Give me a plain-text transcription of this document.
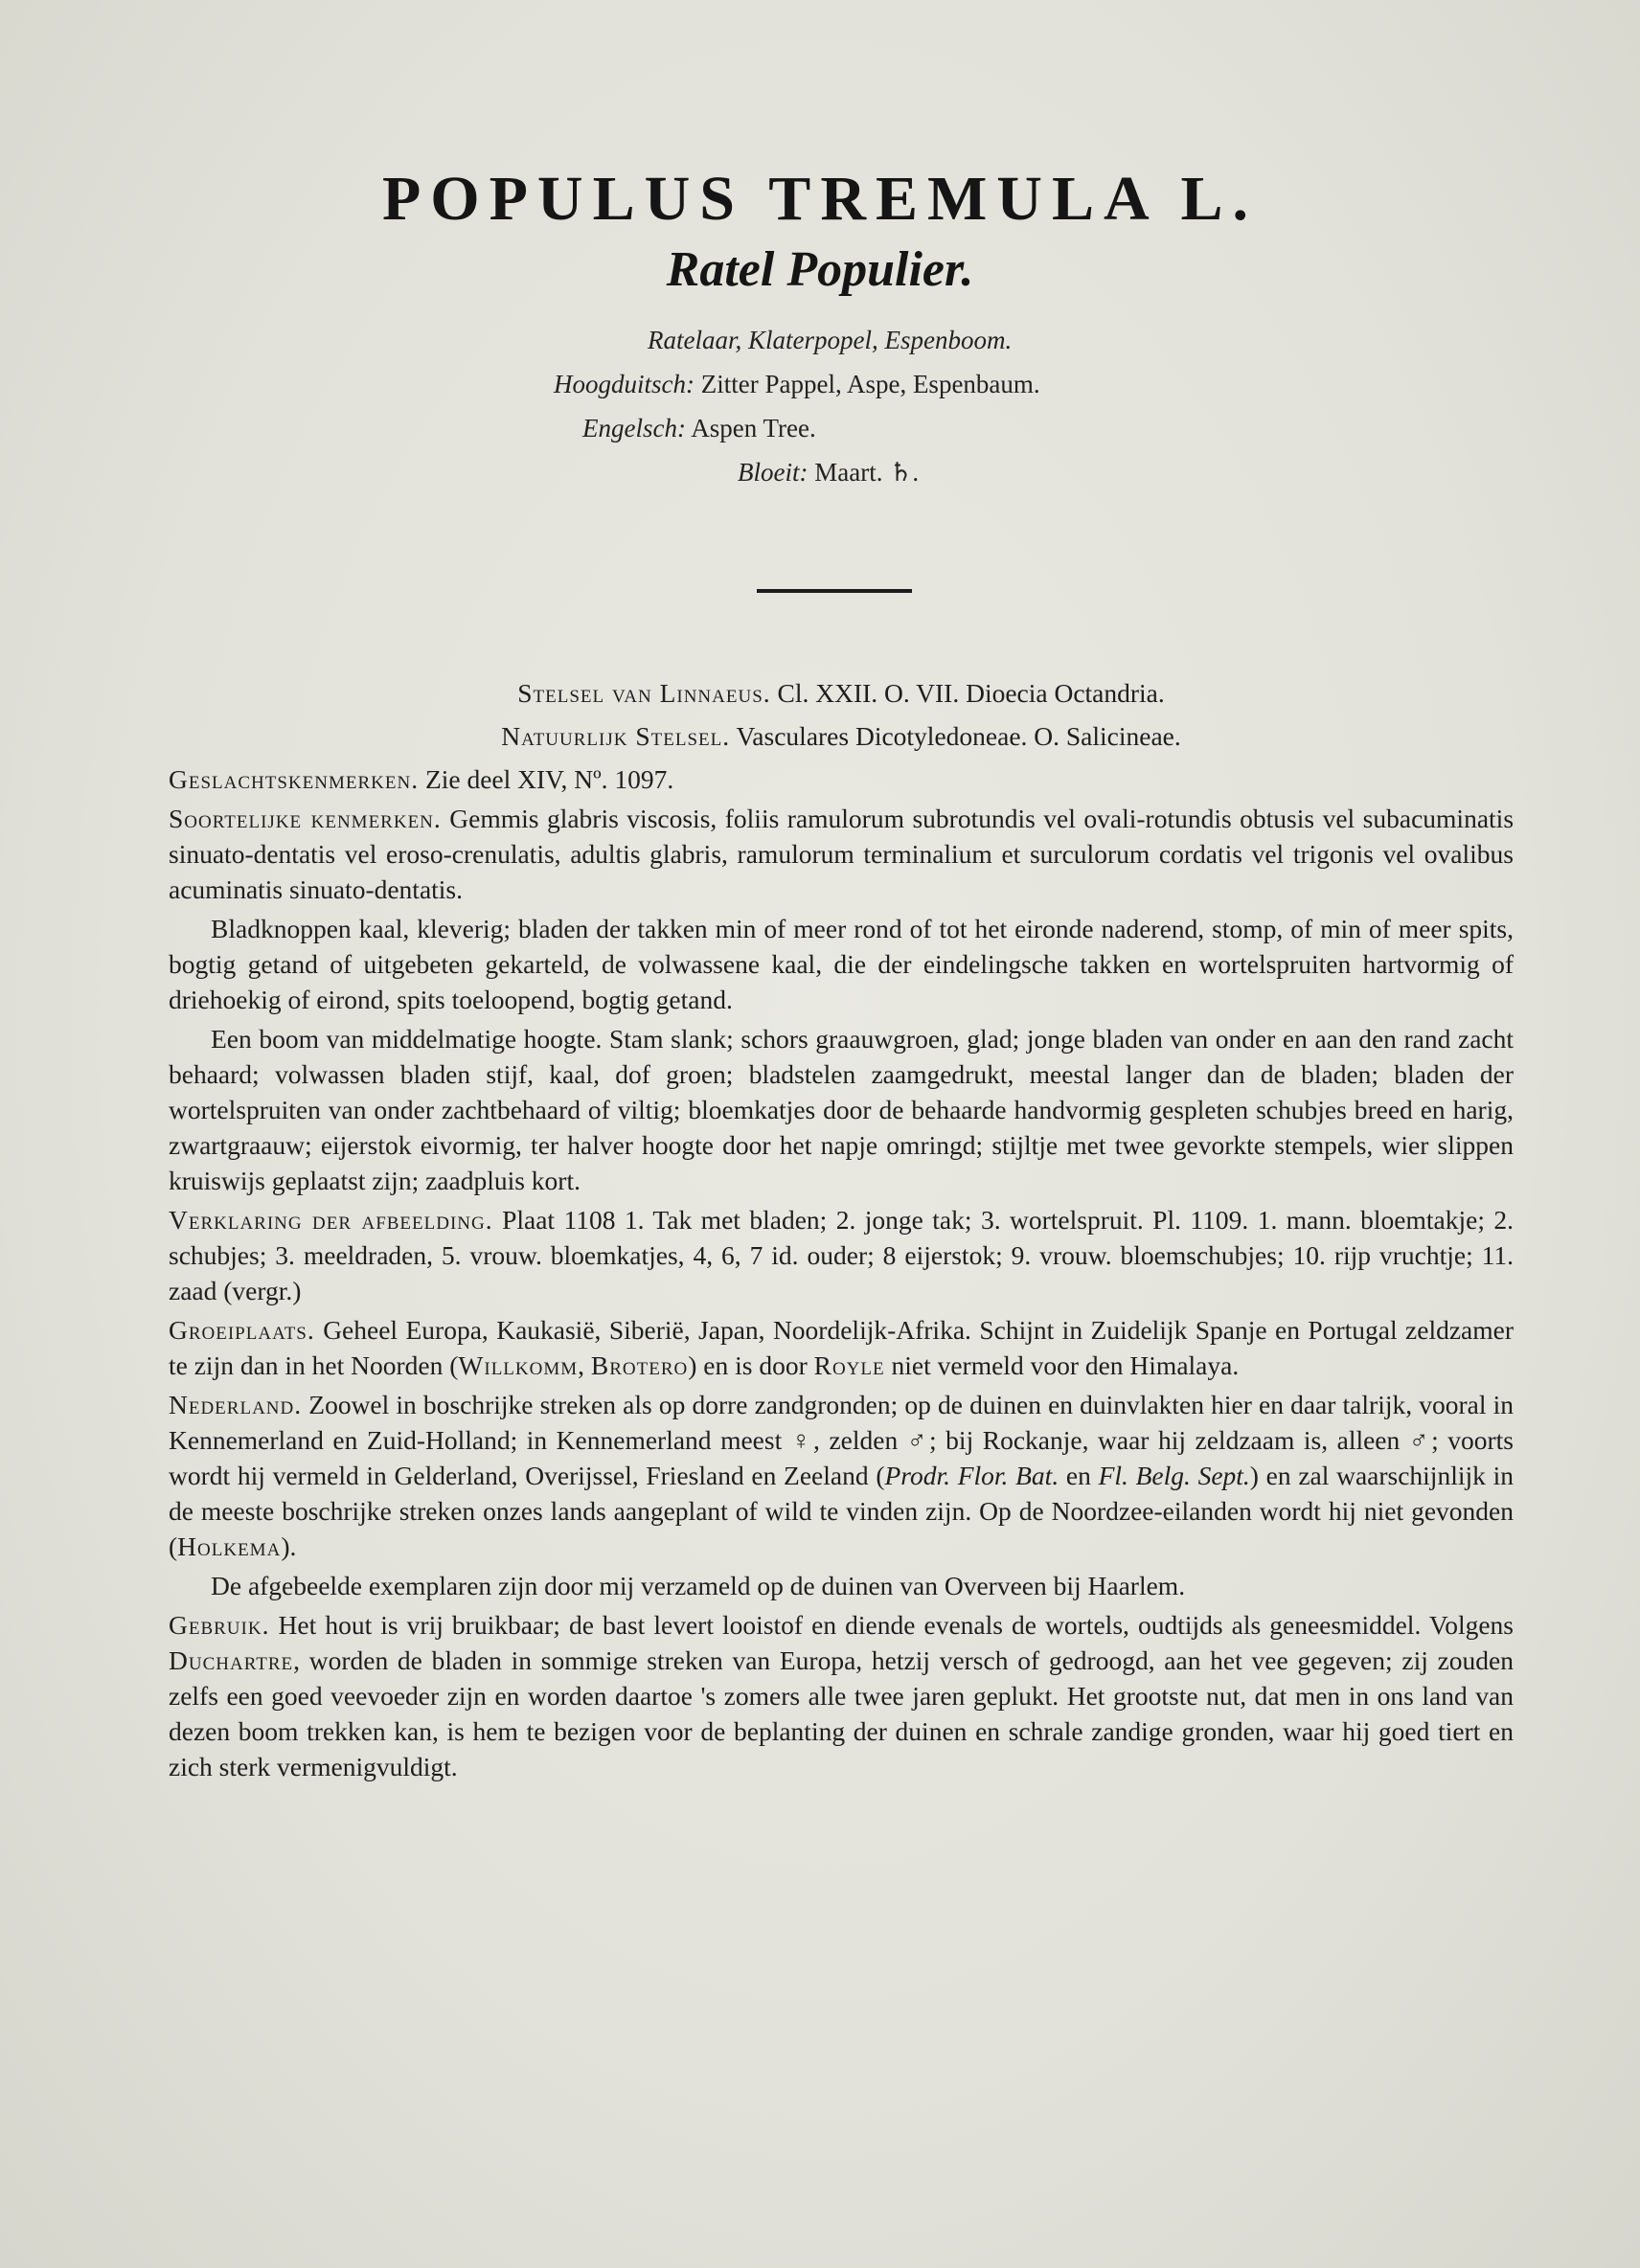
POPULUS TREMULA L.
Ratel Populier.
Ratelaar, Klaterpopel, Espenboom.
Hoogduitsch: Zitter Pappel, Aspe, Espenbaum.
Engelsch: Aspen Tree.
Bloeit: Maart. ♄.

Stelsel van Linnaeus. Cl. XXII. O. VII. Dioecia Octandria.

Natuurlijk Stelsel. Vasculares Dicotyledoneae. O. Salicineae.

Geslachtskenmerken. Zie deel XIV, Nº. 1097.

Soortelijke kenmerken. Gemmis glabris viscosis, foliis ramulorum subrotundis vel ovali-rotundis obtusis vel subacuminatis sinuato-dentatis vel eroso-crenulatis, adultis glabris, ramulorum terminalium et surculorum cordatis vel trigonis vel ovalibus acuminatis sinuato-dentatis.

Bladknoppen kaal, kleverig; bladen der takken min of meer rond of tot het eironde naderend, stomp, of min of meer spits, bogtig getand of uitgebeten gekarteld, de volwassene kaal, die der eindelingsche takken en wortelspruiten hartvormig of driehoekig of eirond, spits toeloopend, bogtig getand.

Een boom van middelmatige hoogte. Stam slank; schors graauwgroen, glad; jonge bladen van onder en aan den rand zacht behaard; volwassen bladen stijf, kaal, dof groen; bladstelen zaamgedrukt, meestal langer dan de bladen; bladen der wortelspruiten van onder zachtbehaard of viltig; bloemkatjes door de behaarde handvormig gespleten schubjes breed en harig, zwartgraauw; eijerstok eivormig, ter halver hoogte door het napje omringd; stijltje met twee gevorkte stempels, wier slippen kruiswijs geplaatst zijn; zaadpluis kort.

Verklaring der afbeelding. Plaat 1108 1. Tak met bladen; 2. jonge tak; 3. wortelspruit. Pl. 1109. 1. mann. bloemtakje; 2. schubjes; 3. meeldraden, 5. vrouw. bloemkatjes, 4, 6, 7 id. ouder; 8 eijerstok; 9. vrouw. bloemschubjes; 10. rijp vruchtje; 11. zaad (vergr.)

Groeiplaats. Geheel Europa, Kaukasië, Siberië, Japan, Noordelijk-Afrika. Schijnt in Zuidelijk Spanje en Portugal zeldzamer te zijn dan in het Noorden (Willkomm, Brotero) en is door Royle niet vermeld voor den Himalaya.

Nederland. Zoowel in boschrijke streken als op dorre zandgronden; op de duinen en duinvlakten hier en daar talrijk, vooral in Kennemerland en Zuid-Holland; in Kennemerland meest ♀, zelden ♂; bij Rockanje, waar hij zeldzaam is, alleen ♂; voorts wordt hij vermeld in Gelderland, Overijssel, Friesland en Zeeland (Prodr. Flor. Bat. en Fl. Belg. Sept.) en zal waarschijnlijk in de meeste boschrijke streken onzes lands aangeplant of wild te vinden zijn. Op de Noordzee-eilanden wordt hij niet gevonden (Holkema).

De afgebeelde exemplaren zijn door mij verzameld op de duinen van Overveen bij Haarlem.

Gebruik. Het hout is vrij bruikbaar; de bast levert looistof en diende evenals de wortels, oudtijds als geneesmiddel. Volgens Duchartre, worden de bladen in sommige streken van Europa, hetzij versch of gedroogd, aan het vee gegeven; zij zouden zelfs een goed veevoeder zijn en worden daartoe 's zomers alle twee jaren geplukt. Het grootste nut, dat men in ons land van dezen boom trekken kan, is hem te bezigen voor de beplanting der duinen en schrale zandige gronden, waar hij goed tiert en zich sterk vermenigvuldigt.
